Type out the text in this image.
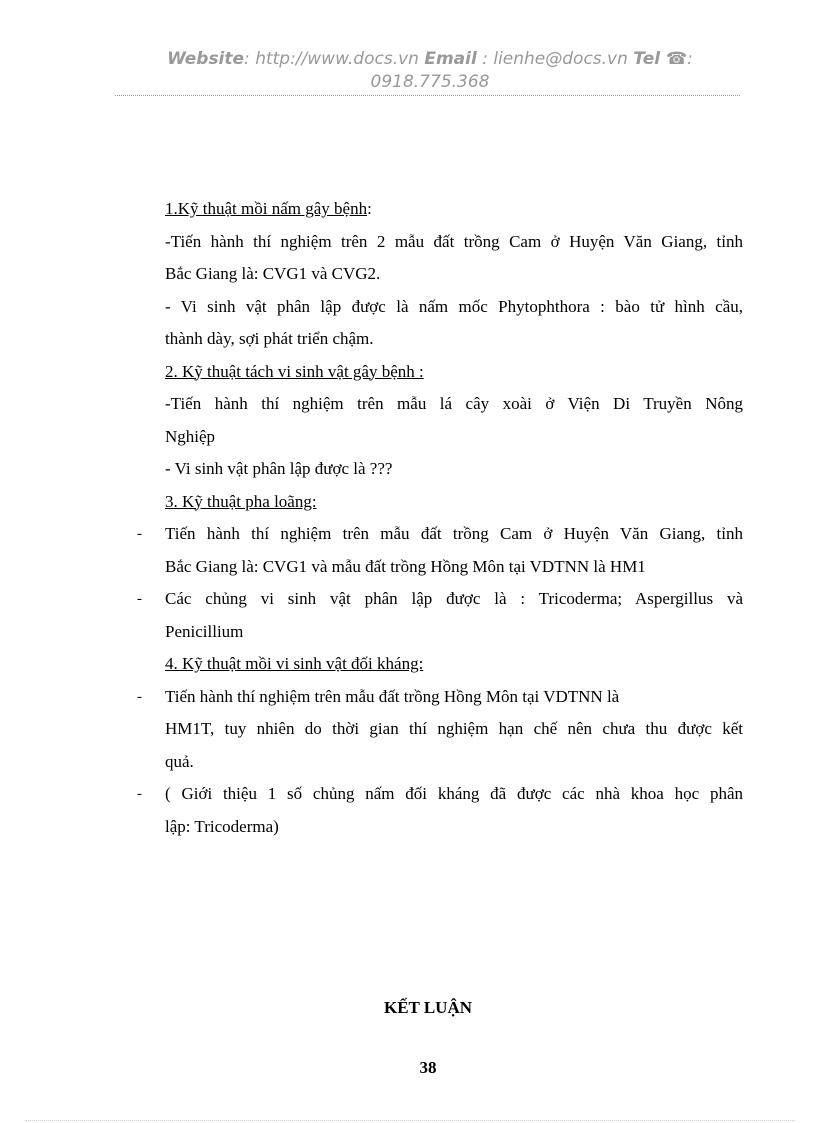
Website: http://www.docs.vn Email : lienhe@docs.vn Tel ☎:
0918.775.368
1.Kỹ thuật mồi nấm gây bệnh:
-Tiến hành thí nghiệm trên 2 mẫu đất trồng Cam ở Huyện Văn Giang, tỉnh
Bắc Giang là: CVG1 và CVG2.
- Vi sinh vật phân lập được là nấm mốc Phytophthora : bào tử hình cầu,
thành dày, sợi phát triển chậm.
2. Kỹ thuật tách vi sinh vật gây bệnh :
-Tiến hành thí nghiệm trên mẫu lá cây xoài ở Viện Di Truyền Nông
Nghiệp
- Vi sinh vật phân lập được là ???
3. Kỹ thuật pha loãng:
- Tiến hành thí nghiệm trên mẫu đất trồng Cam ở Huyện Văn Giang, tỉnh
Bắc Giang là: CVG1 và mẫu đất trồng Hồng Môn tại VDTNN là HM1
- Các chủng vi sinh vật phân lập được là : Tricoderma; Aspergillus và
Penicillium
4. Kỹ thuật mồi vi sinh vật đối kháng:
- Tiến hành thí nghiệm trên mẫu đất trồng Hồng Môn tại VDTNN là
HM1T, tuy nhiên do thời gian thí nghiệm hạn chế nên chưa thu được kết
quả.
- ( Giới thiệu 1 số chủng nấm đối kháng đã được các nhà khoa học phân
lập: Tricoderma)
KẾT LUẬN
38
